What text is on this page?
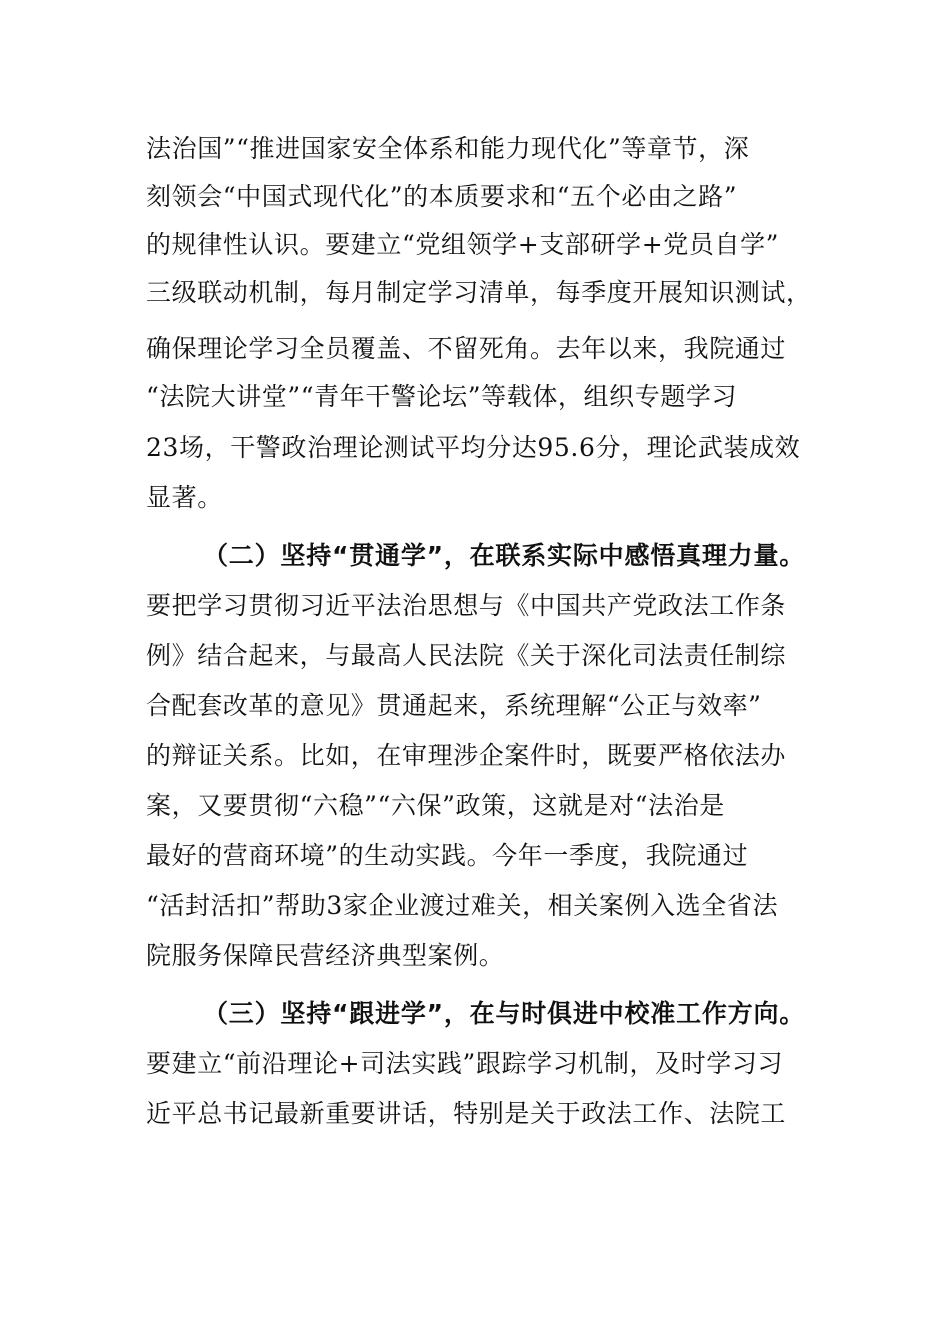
法治国”“推进国家安全体系和能力现代化”等章节，深
刻领会“中国式现代化”的本质要求和“五个必由之路”
的规律性认识。要建立“党组领学+支部研学+党员自学”
三级联动机制，每月制定学习清单，每季度开展知识测试，
确保理论学习全员覆盖、不留死角。去年以来，我院通过
“法院大讲堂”“青年干警论坛”等载体，组织专题学习
23场，干警政治理论测试平均分达95.6分，理论武装成效
显著。
（二）坚持“贯通学”，在联系实际中感悟真理力量。
要把学习贯彻习近平法治思想与《中国共产党政法工作条
例》结合起来，与最高人民法院《关于深化司法责任制综
合配套改革的意见》贯通起来，系统理解“公正与效率”
的辩证关系。比如，在审理涉企案件时，既要严格依法办
案，又要贯彻“六稳”“六保”政策，这就是对“法治是
最好的营商环境”的生动实践。今年一季度，我院通过
“活封活扣”帮助3家企业渡过难关，相关案例入选全省法
院服务保障民营经济典型案例。
（三）坚持“跟进学”，在与时俱进中校准工作方向。
要建立“前沿理论+司法实践”跟踪学习机制，及时学习习
近平总书记最新重要讲话，特别是关于政法工作、法院工
